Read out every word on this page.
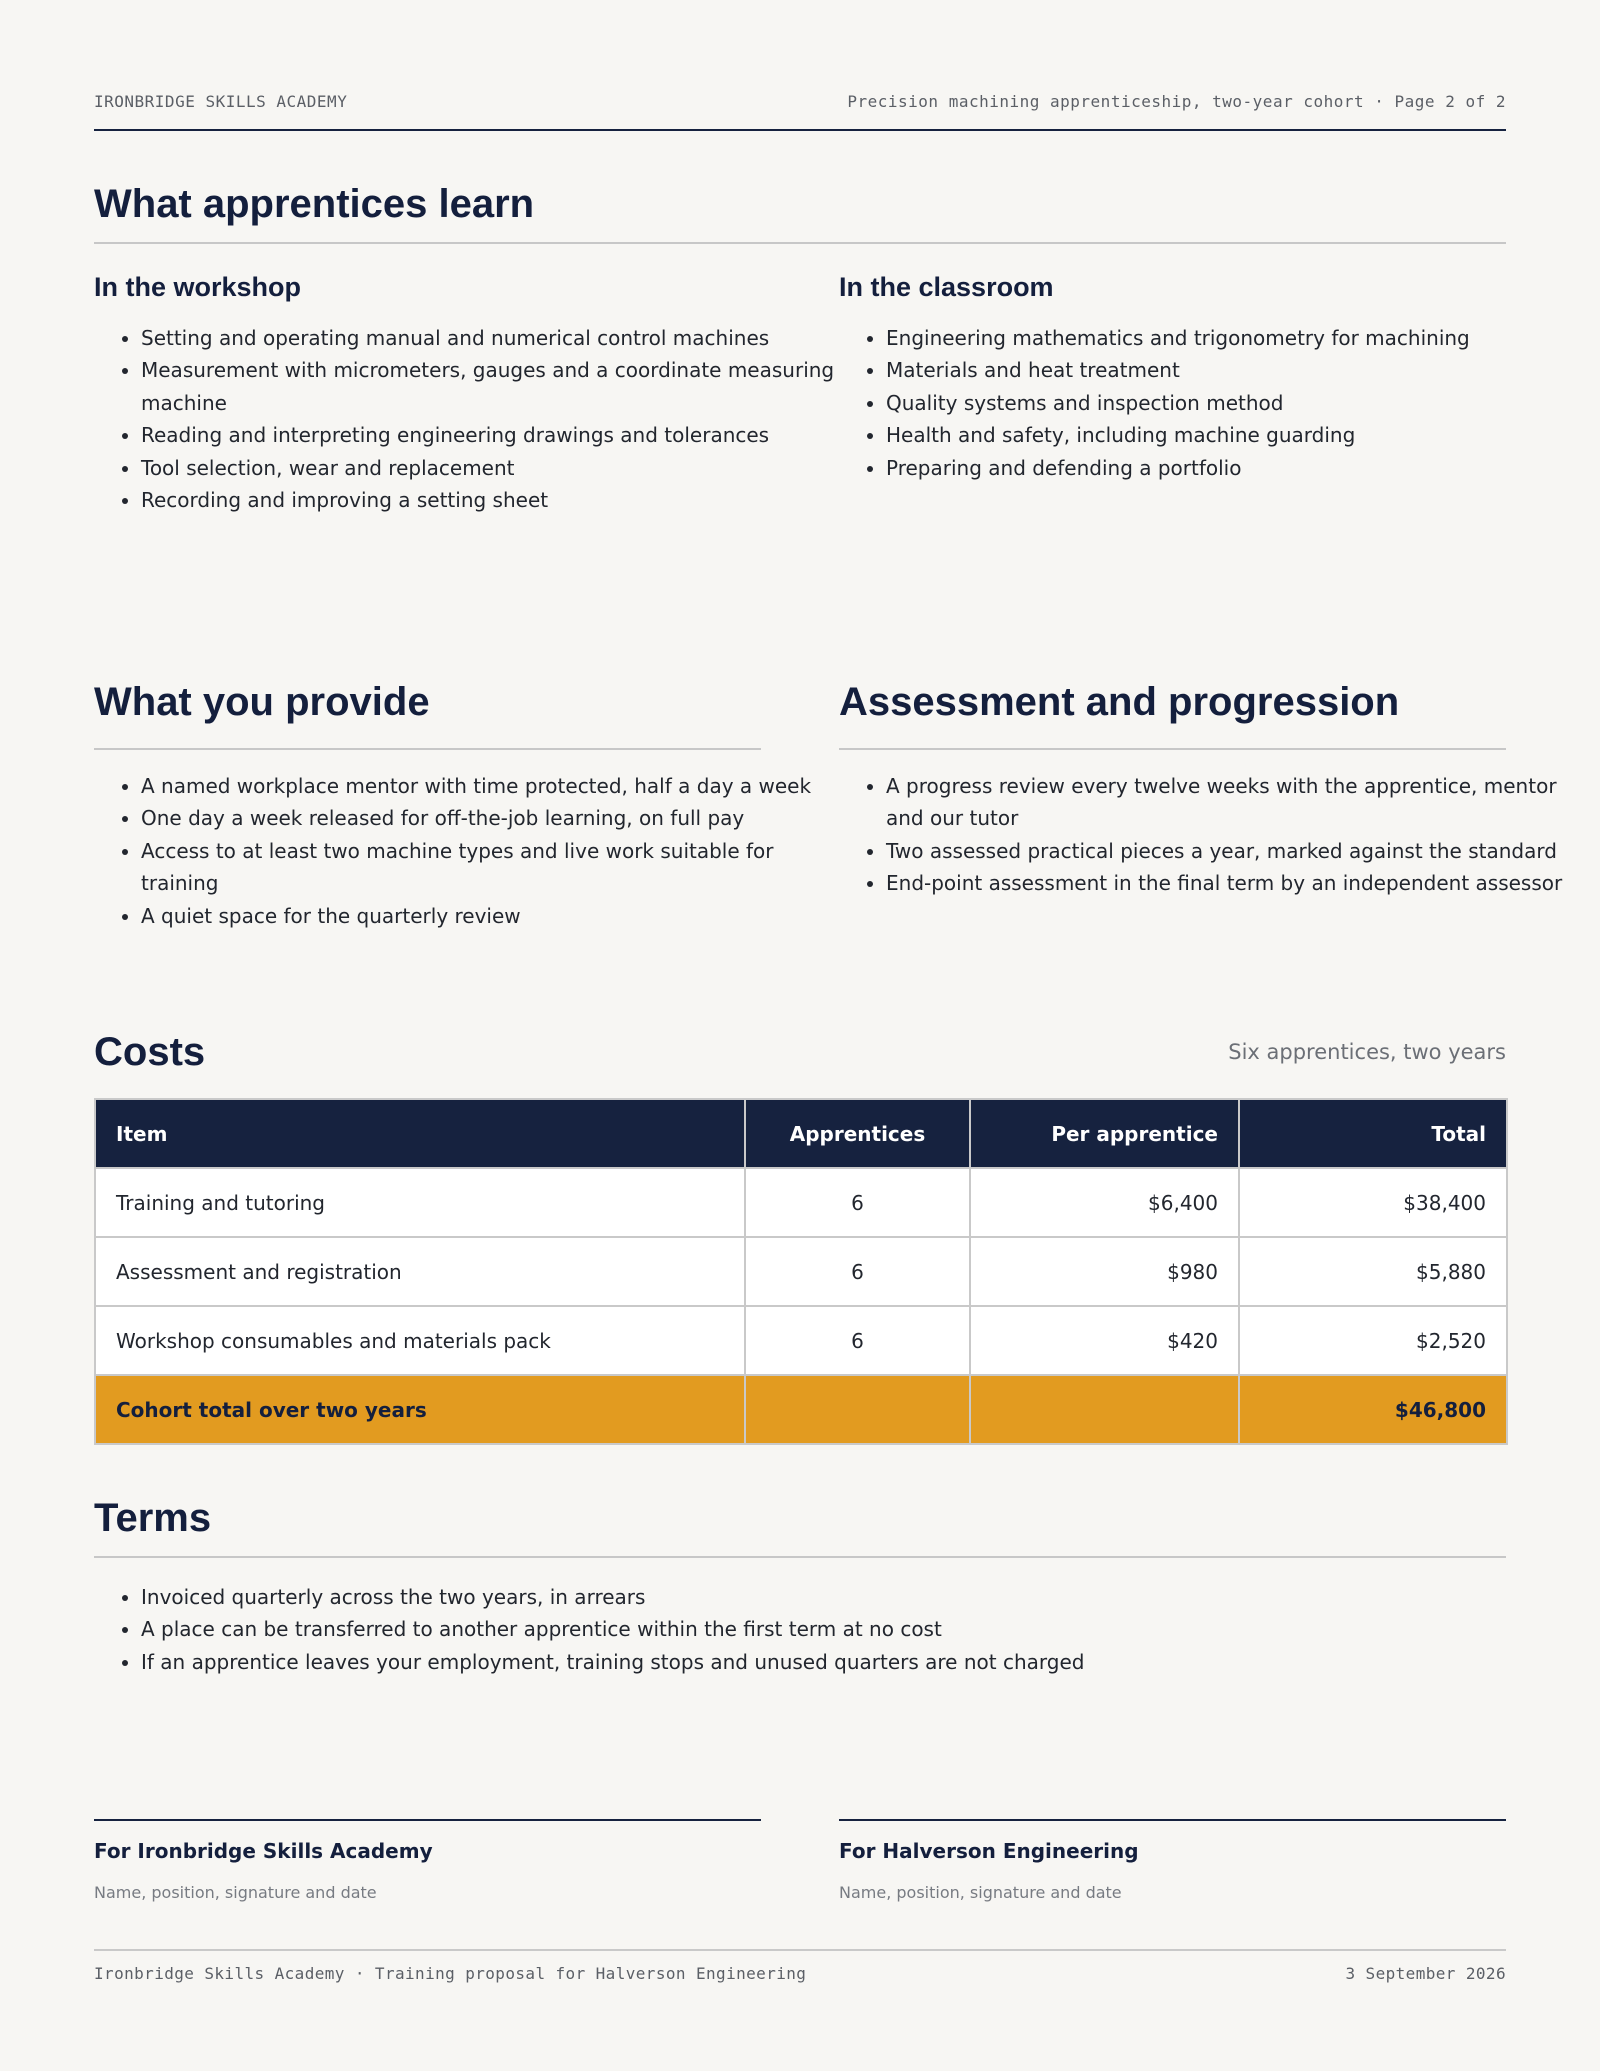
IRONBRIDGE SKILLS ACADEMY	Precision machining apprenticeship, two-year cohort · Page 2 of 2
What apprentices learn
In the workshop
• Setting and operating manual and numerical control machines
• Measurement with micrometers, gauges and a coordinate measuring machine
• Reading and interpreting engineering drawings and tolerances
• Tool selection, wear and replacement
• Recording and improving a setting sheet
In the classroom
• Engineering mathematics and trigonometry for machining
• Materials and heat treatment
• Quality systems and inspection method
• Health and safety, including machine guarding
• Preparing and defending a portfolio
What you provide
• A named workplace mentor with time protected, half a day a week
• One day a week released for off-the-job learning, on full pay
• Access to at least two machine types and live work suitable for training
• A quiet space for the quarterly review
Assessment and progression
• A progress review every twelve weeks with the apprentice, mentor and our tutor
• Two assessed practical pieces a year, marked against the standard
• End-point assessment in the final term by an independent assessor
Costs	Six apprentices, two years
Item	Apprentices	Per apprentice	Total
Training and tutoring	6	$6,400	$38,400
Assessment and registration	6	$980	$5,880
Workshop consumables and materials pack	6	$420	$2,520
Cohort total over two years			$46,800
Terms
• Invoiced quarterly across the two years, in arrears
• A place can be transferred to another apprentice within the first term at no cost
• If an apprentice leaves your employment, training stops and unused quarters are not charged
For Ironbridge Skills Academy
Name, position, signature and date
For Halverson Engineering
Name, position, signature and date
Ironbridge Skills Academy · Training proposal for Halverson Engineering	3 September 2026
